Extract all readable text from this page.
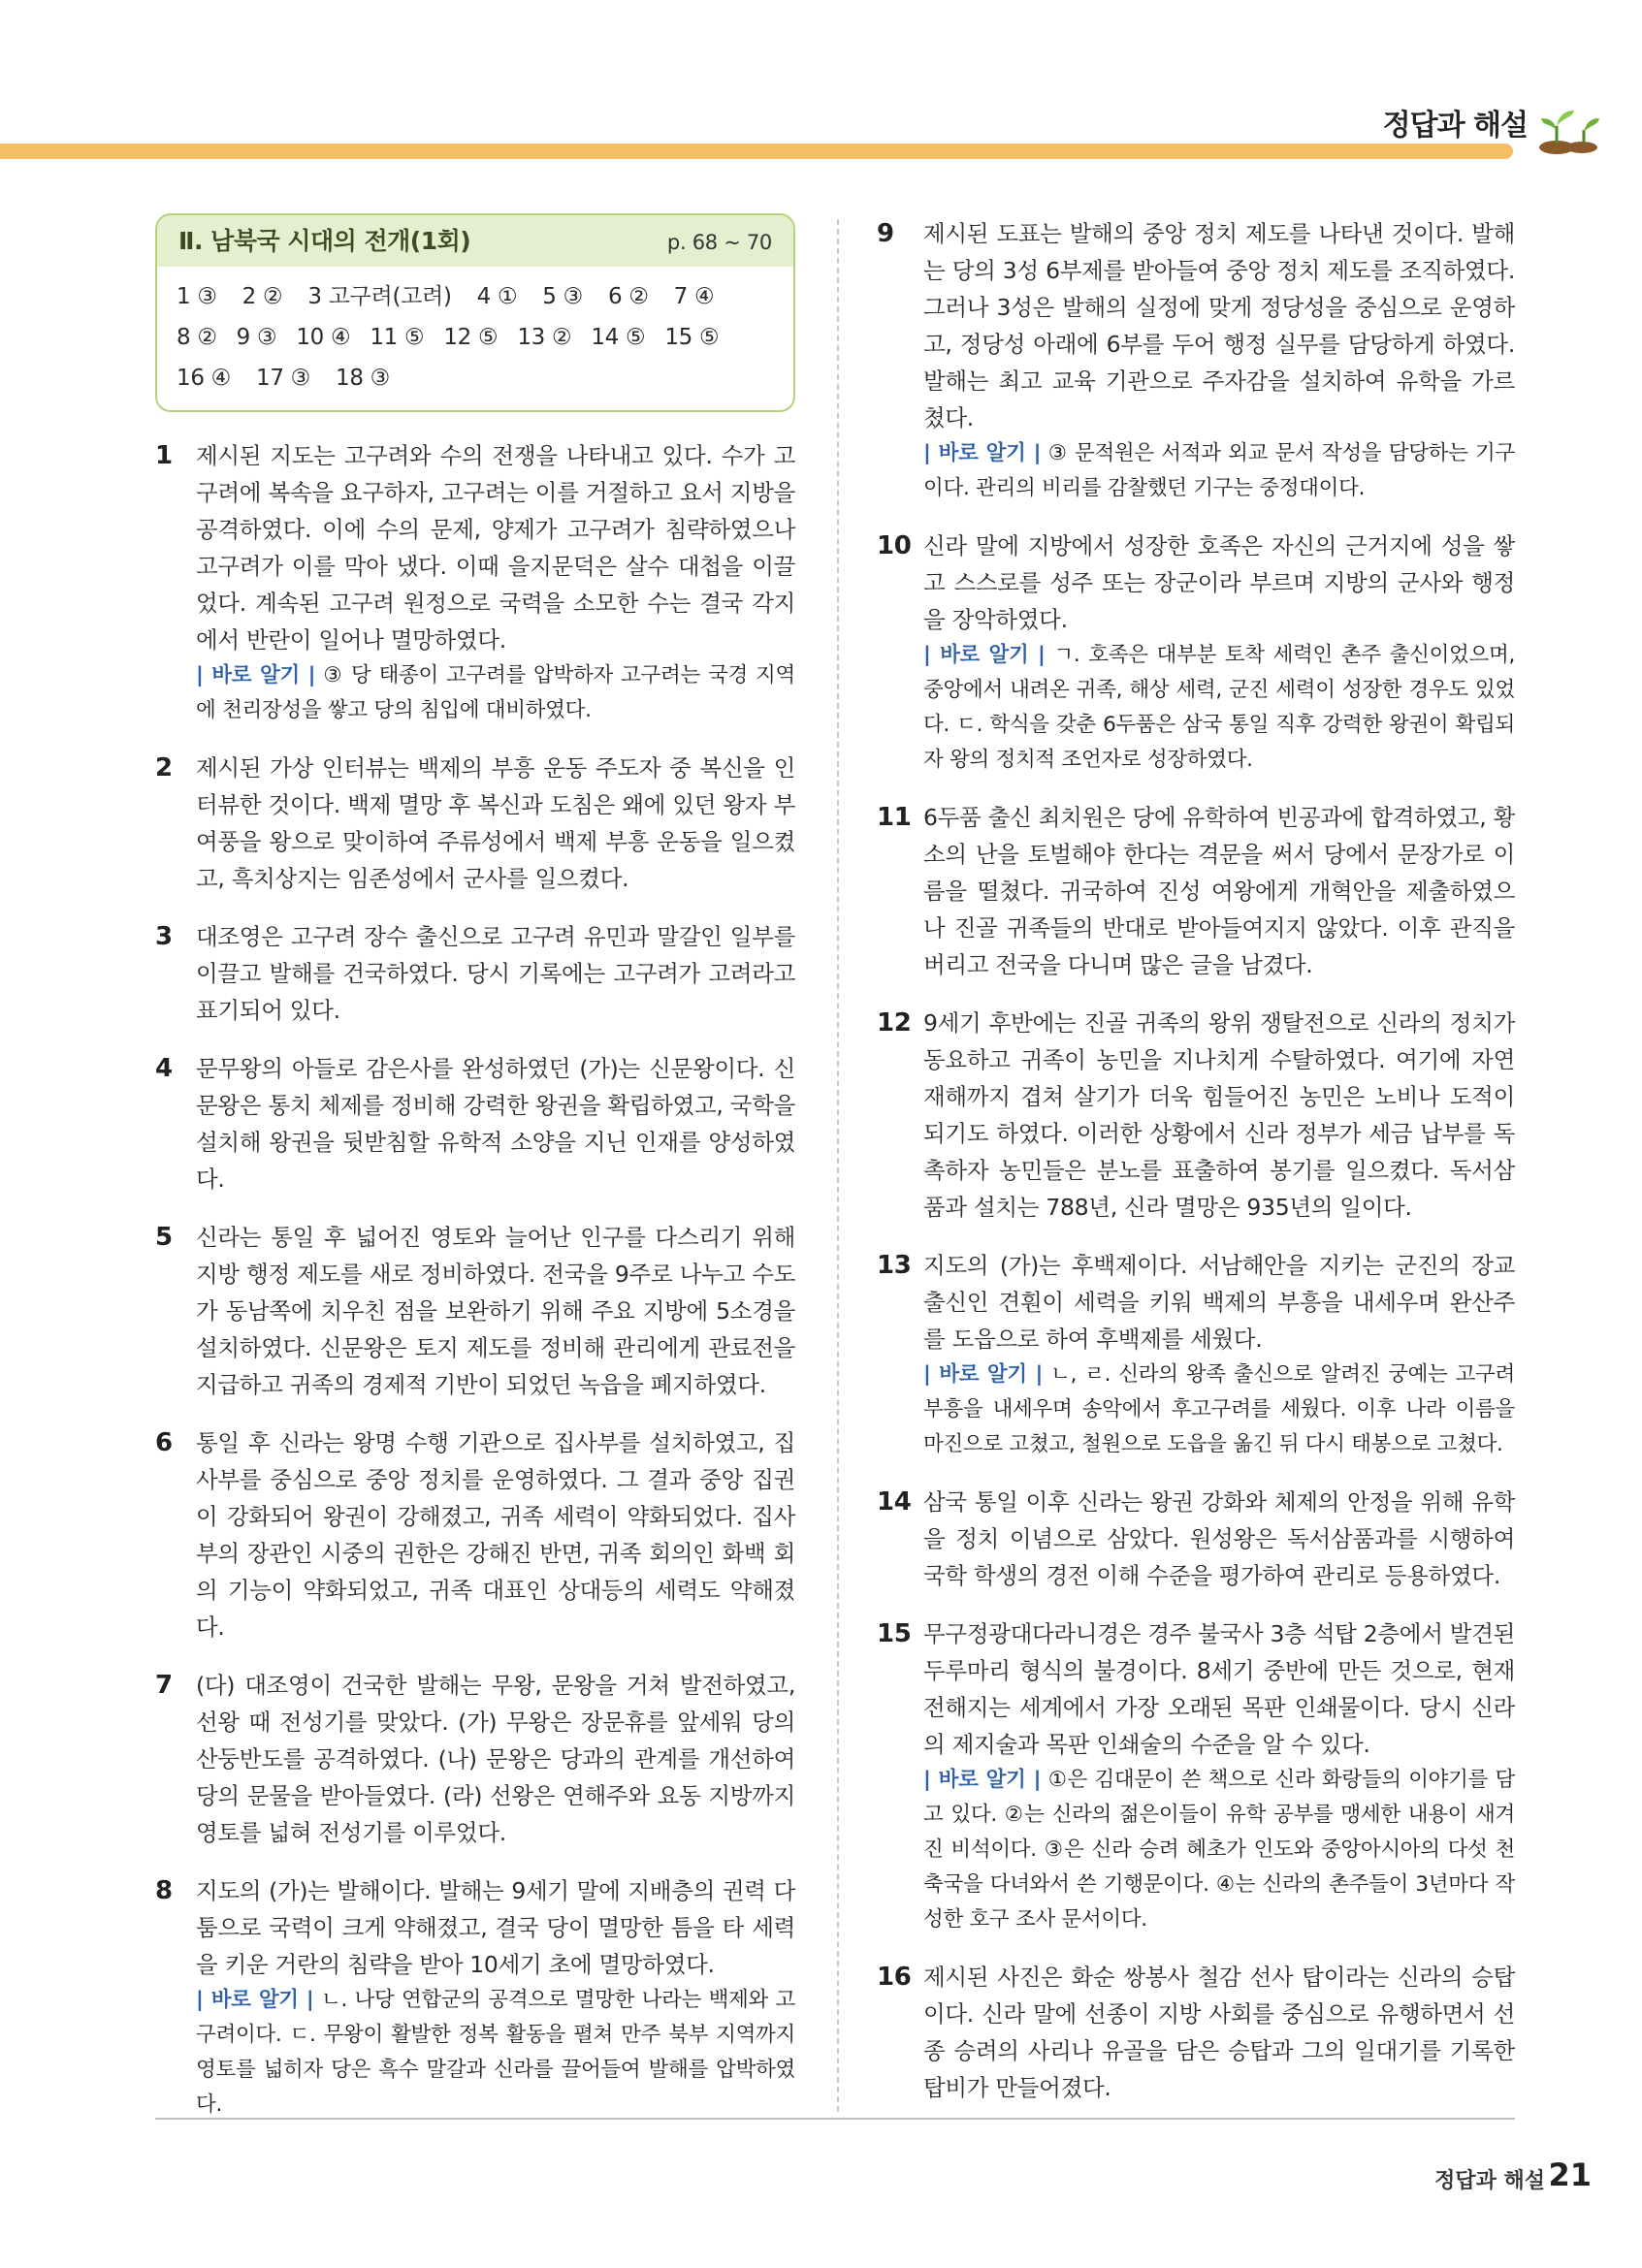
정답과 해설
Ⅱ. 남북국 시대의 전개(1회)	p. 68 ~ 70
1 ③ 2 ② 3 고구려(고려) 4 ① 5 ③ 6 ② 7 ④
8 ② 9 ③ 10 ④ 11 ⑤ 12 ⑤ 13 ② 14 ⑤ 15 ⑤
16 ④ 17 ③ 18 ③
1 제시된 지도는 고구려와 수의 전쟁을 나타내고 있다. 수가 고구려에 복속을 요구하자, 고구려는 이를 거절하고 요서 지방을 공격하였다. 이에 수의 문제, 양제가 고구려가 침략하였으나 고구려가 이를 막아 냈다. 이때 을지문덕은 살수 대첩을 이끌었다. 계속된 고구려 원정으로 국력을 소모한 수는 결국 각지에서 반란이 일어나 멸망하였다.
| 바로 알기 | ③ 당 태종이 고구려를 압박하자 고구려는 국경 지역에 천리장성을 쌓고 당의 침입에 대비하였다.
2 제시된 가상 인터뷰는 백제의 부흥 운동 주도자 중 복신을 인터뷰한 것이다. 백제 멸망 후 복신과 도침은 왜에 있던 왕자 부여풍을 왕으로 맞이하여 주류성에서 백제 부흥 운동을 일으켰고, 흑치상지는 임존성에서 군사를 일으켰다.
3 대조영은 고구려 장수 출신으로 고구려 유민과 말갈인 일부를 이끌고 발해를 건국하였다. 당시 기록에는 고구려가 고려라고 표기되어 있다.
4 문무왕의 아들로 감은사를 완성하였던 (가)는 신문왕이다. 신문왕은 통치 체제를 정비해 강력한 왕권을 확립하였고, 국학을 설치해 왕권을 뒷받침할 유학적 소양을 지닌 인재를 양성하였다.
5 신라는 통일 후 넓어진 영토와 늘어난 인구를 다스리기 위해 지방 행정 제도를 새로 정비하였다. 전국을 9주로 나누고 수도가 동남쪽에 치우친 점을 보완하기 위해 주요 지방에 5소경을 설치하였다. 신문왕은 토지 제도를 정비해 관리에게 관료전을 지급하고 귀족의 경제적 기반이 되었던 녹읍을 폐지하였다.
6 통일 후 신라는 왕명 수행 기관으로 집사부를 설치하였고, 집사부를 중심으로 중앙 정치를 운영하였다. 그 결과 중앙 집권이 강화되어 왕권이 강해졌고, 귀족 세력이 약화되었다. 집사부의 장관인 시중의 권한은 강해진 반면, 귀족 회의인 화백 회의 기능이 약화되었고, 귀족 대표인 상대등의 세력도 약해졌다.
7 (다) 대조영이 건국한 발해는 무왕, 문왕을 거쳐 발전하였고, 선왕 때 전성기를 맞았다. (가) 무왕은 장문휴를 앞세워 당의 산둥반도를 공격하였다. (나) 문왕은 당과의 관계를 개선하여 당의 문물을 받아들였다. (라) 선왕은 연해주와 요동 지방까지 영토를 넓혀 전성기를 이루었다.
8 지도의 (가)는 발해이다. 발해는 9세기 말에 지배층의 권력 다툼으로 국력이 크게 약해졌고, 결국 당이 멸망한 틈을 타 세력을 키운 거란의 침략을 받아 10세기 초에 멸망하였다.
| 바로 알기 | ㄴ. 나당 연합군의 공격으로 멸망한 나라는 백제와 고구려이다. ㄷ. 무왕이 활발한 정복 활동을 펼쳐 만주 북부 지역까지 영토를 넓히자 당은 흑수 말갈과 신라를 끌어들여 발해를 압박하였다.
9 제시된 도표는 발해의 중앙 정치 제도를 나타낸 것이다. 발해는 당의 3성 6부제를 받아들여 중앙 정치 제도를 조직하였다. 그러나 3성은 발해의 실정에 맞게 정당성을 중심으로 운영하고, 정당성 아래에 6부를 두어 행정 실무를 담당하게 하였다. 발해는 최고 교육 기관으로 주자감을 설치하여 유학을 가르쳤다.
| 바로 알기 | ③ 문적원은 서적과 외교 문서 작성을 담당하는 기구이다. 관리의 비리를 감찰했던 기구는 중정대이다.
10 신라 말에 지방에서 성장한 호족은 자신의 근거지에 성을 쌓고 스스로를 성주 또는 장군이라 부르며 지방의 군사와 행정을 장악하였다.
| 바로 알기 | ㄱ. 호족은 대부분 토착 세력인 촌주 출신이었으며, 중앙에서 내려온 귀족, 해상 세력, 군진 세력이 성장한 경우도 있었다. ㄷ. 학식을 갖춘 6두품은 삼국 통일 직후 강력한 왕권이 확립되자 왕의 정치적 조언자로 성장하였다.
11 6두품 출신 최치원은 당에 유학하여 빈공과에 합격하였고, 황소의 난을 토벌해야 한다는 격문을 써서 당에서 문장가로 이름을 떨쳤다. 귀국하여 진성 여왕에게 개혁안을 제출하였으나 진골 귀족들의 반대로 받아들여지지 않았다. 이후 관직을 버리고 전국을 다니며 많은 글을 남겼다.
12 9세기 후반에는 진골 귀족의 왕위 쟁탈전으로 신라의 정치가 동요하고 귀족이 농민을 지나치게 수탈하였다. 여기에 자연재해까지 겹쳐 살기가 더욱 힘들어진 농민은 노비나 도적이 되기도 하였다. 이러한 상황에서 신라 정부가 세금 납부를 독촉하자 농민들은 분노를 표출하여 봉기를 일으켰다. 독서삼품과 설치는 788년, 신라 멸망은 935년의 일이다.
13 지도의 (가)는 후백제이다. 서남해안을 지키는 군진의 장교 출신인 견훤이 세력을 키워 백제의 부흥을 내세우며 완산주를 도읍으로 하여 후백제를 세웠다.
| 바로 알기 | ㄴ, ㄹ. 신라의 왕족 출신으로 알려진 궁예는 고구려 부흥을 내세우며 송악에서 후고구려를 세웠다. 이후 나라 이름을 마진으로 고쳤고, 철원으로 도읍을 옮긴 뒤 다시 태봉으로 고쳤다.
14 삼국 통일 이후 신라는 왕권 강화와 체제의 안정을 위해 유학을 정치 이념으로 삼았다. 원성왕은 독서삼품과를 시행하여 국학 학생의 경전 이해 수준을 평가하여 관리로 등용하였다.
15 무구정광대다라니경은 경주 불국사 3층 석탑 2층에서 발견된 두루마리 형식의 불경이다. 8세기 중반에 만든 것으로, 현재 전해지는 세계에서 가장 오래된 목판 인쇄물이다. 당시 신라의 제지술과 목판 인쇄술의 수준을 알 수 있다.
| 바로 알기 | ①은 김대문이 쓴 책으로 신라 화랑들의 이야기를 담고 있다. ②는 신라의 젊은이들이 유학 공부를 맹세한 내용이 새겨진 비석이다. ③은 신라 승려 혜초가 인도와 중앙아시아의 다섯 천축국을 다녀와서 쓴 기행문이다. ④는 신라의 촌주들이 3년마다 작성한 호구 조사 문서이다.
16 제시된 사진은 화순 쌍봉사 철감 선사 탑이라는 신라의 승탑이다. 신라 말에 선종이 지방 사회를 중심으로 유행하면서 선종 승려의 사리나 유골을 담은 승탑과 그의 일대기를 기록한 탑비가 만들어졌다.
정답과 해설 21
